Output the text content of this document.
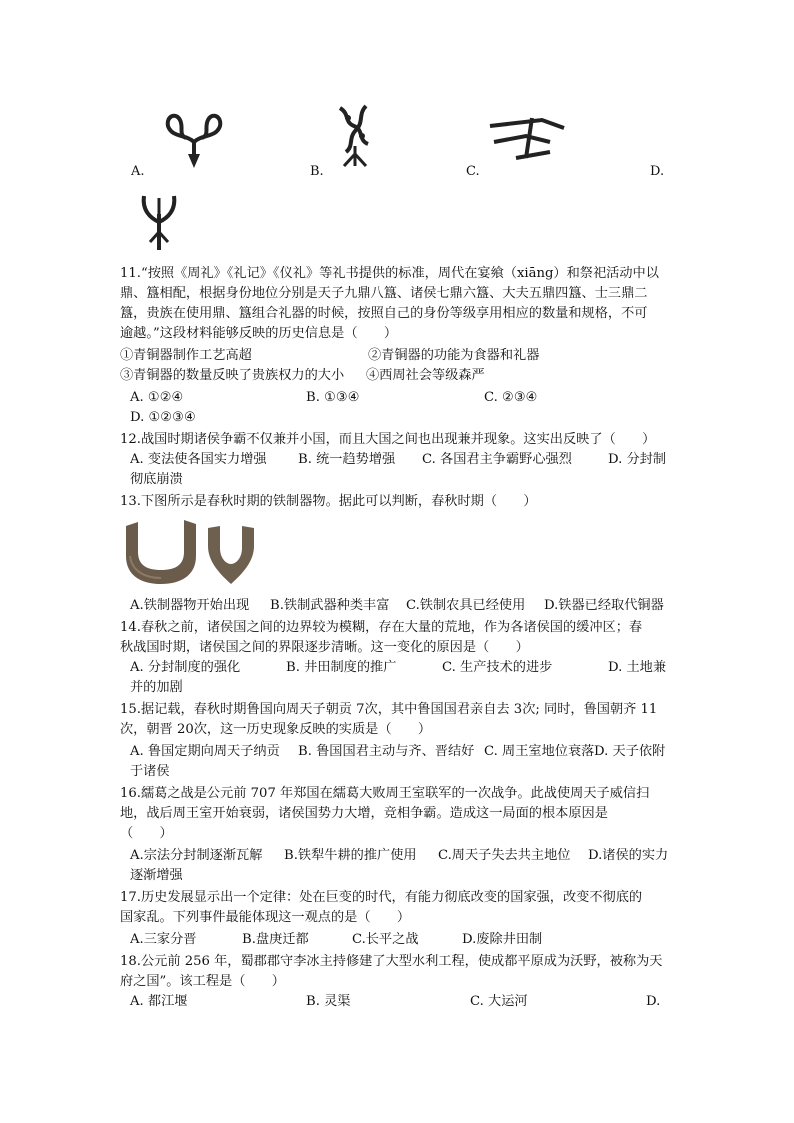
A.	B.	C.	D.
11.“按照《周礼》《礼记》《仪礼》等礼书提供的标准，周代在宴飨（xiāng）和祭祀活动中以
鼎、簋相配，根据身份地位分别是天子九鼎八簋、诸侯七鼎六簋、大夫五鼎四簋、士三鼎二
簋，贵族在使用鼎、簋组合礼器的时候，按照自己的身份等级享用相应的数量和规格，不可
逾越。”这段材料能够反映的历史信息是（　　）
①青铜器制作工艺高超	②青铜器的功能为食器和礼器
③青铜器的数量反映了贵族权力的大小 ④西周社会等级森严
A. ①②④	B. ①③④	C. ②③④
D. ①②③④
12.战国时期诸侯争霸不仅兼并小国，而且大国之间也出现兼并现象。这实出反映了（　　）
A. 变法使各国实力增强 B. 统一趋势增强 C. 各国君主争霸野心强烈	D. 分封制
彻底崩溃
13.下图所示是春秋时期的铁制器物。据此可以判断，春秋时期（　　）
A.铁制器物开始出现 B.铁制武器种类丰富 C.铁制农具已经使用 D.铁器已经取代铜器
14.春秋之前，诸侯国之间的边界较为模糊，存在大量的荒地，作为各诸侯国的缓冲区；春
秋战国时期，诸侯国之间的界限逐步清晰。这一变化的原因是（　　）
A. 分封制度的强化	B. 井田制度的推广	C. 生产技术的进步	D. 土地兼
并的加剧
15.据记载，春秋时期鲁国向周天子朝贡 7次，其中鲁国国君亲自去 3次; 同时，鲁国朝齐 11
次，朝晋 20次，这一历史现象反映的实质是（　　）
A. 鲁国定期向周天子纳贡 B. 鲁国国君主动与齐、晋结好 C. 周王室地位衰落 D. 天子依附
于诸侯
16.繻葛之战是公元前 707 年郑国在繻葛大败周王室联军的一次战争。此战使周天子威信扫
地，战后周王室开始衰弱，诸侯国势力大增，竞相争霸。造成这一局面的根本原因是
（　　）
A.宗法分封制逐渐瓦解 B.铁犁牛耕的推广使用 C.周天子失去共主地位 D.诸侯的实力
逐渐增强
17.历史发展显示出一个定律：处在巨变的时代，有能力彻底改变的国家强，改变不彻底的
国家乱。下列事件最能体现这一观点的是（　　）
A.三家分晋	B.盘庚迁都	C.长平之战	D.废除井田制
18.公元前 256 年，蜀郡郡守李冰主持修建了大型水利工程，使成都平原成为沃野，被称为天
府之国”。该工程是（　　）
A. 都江堰	B. 灵渠	C. 大运河	D.
